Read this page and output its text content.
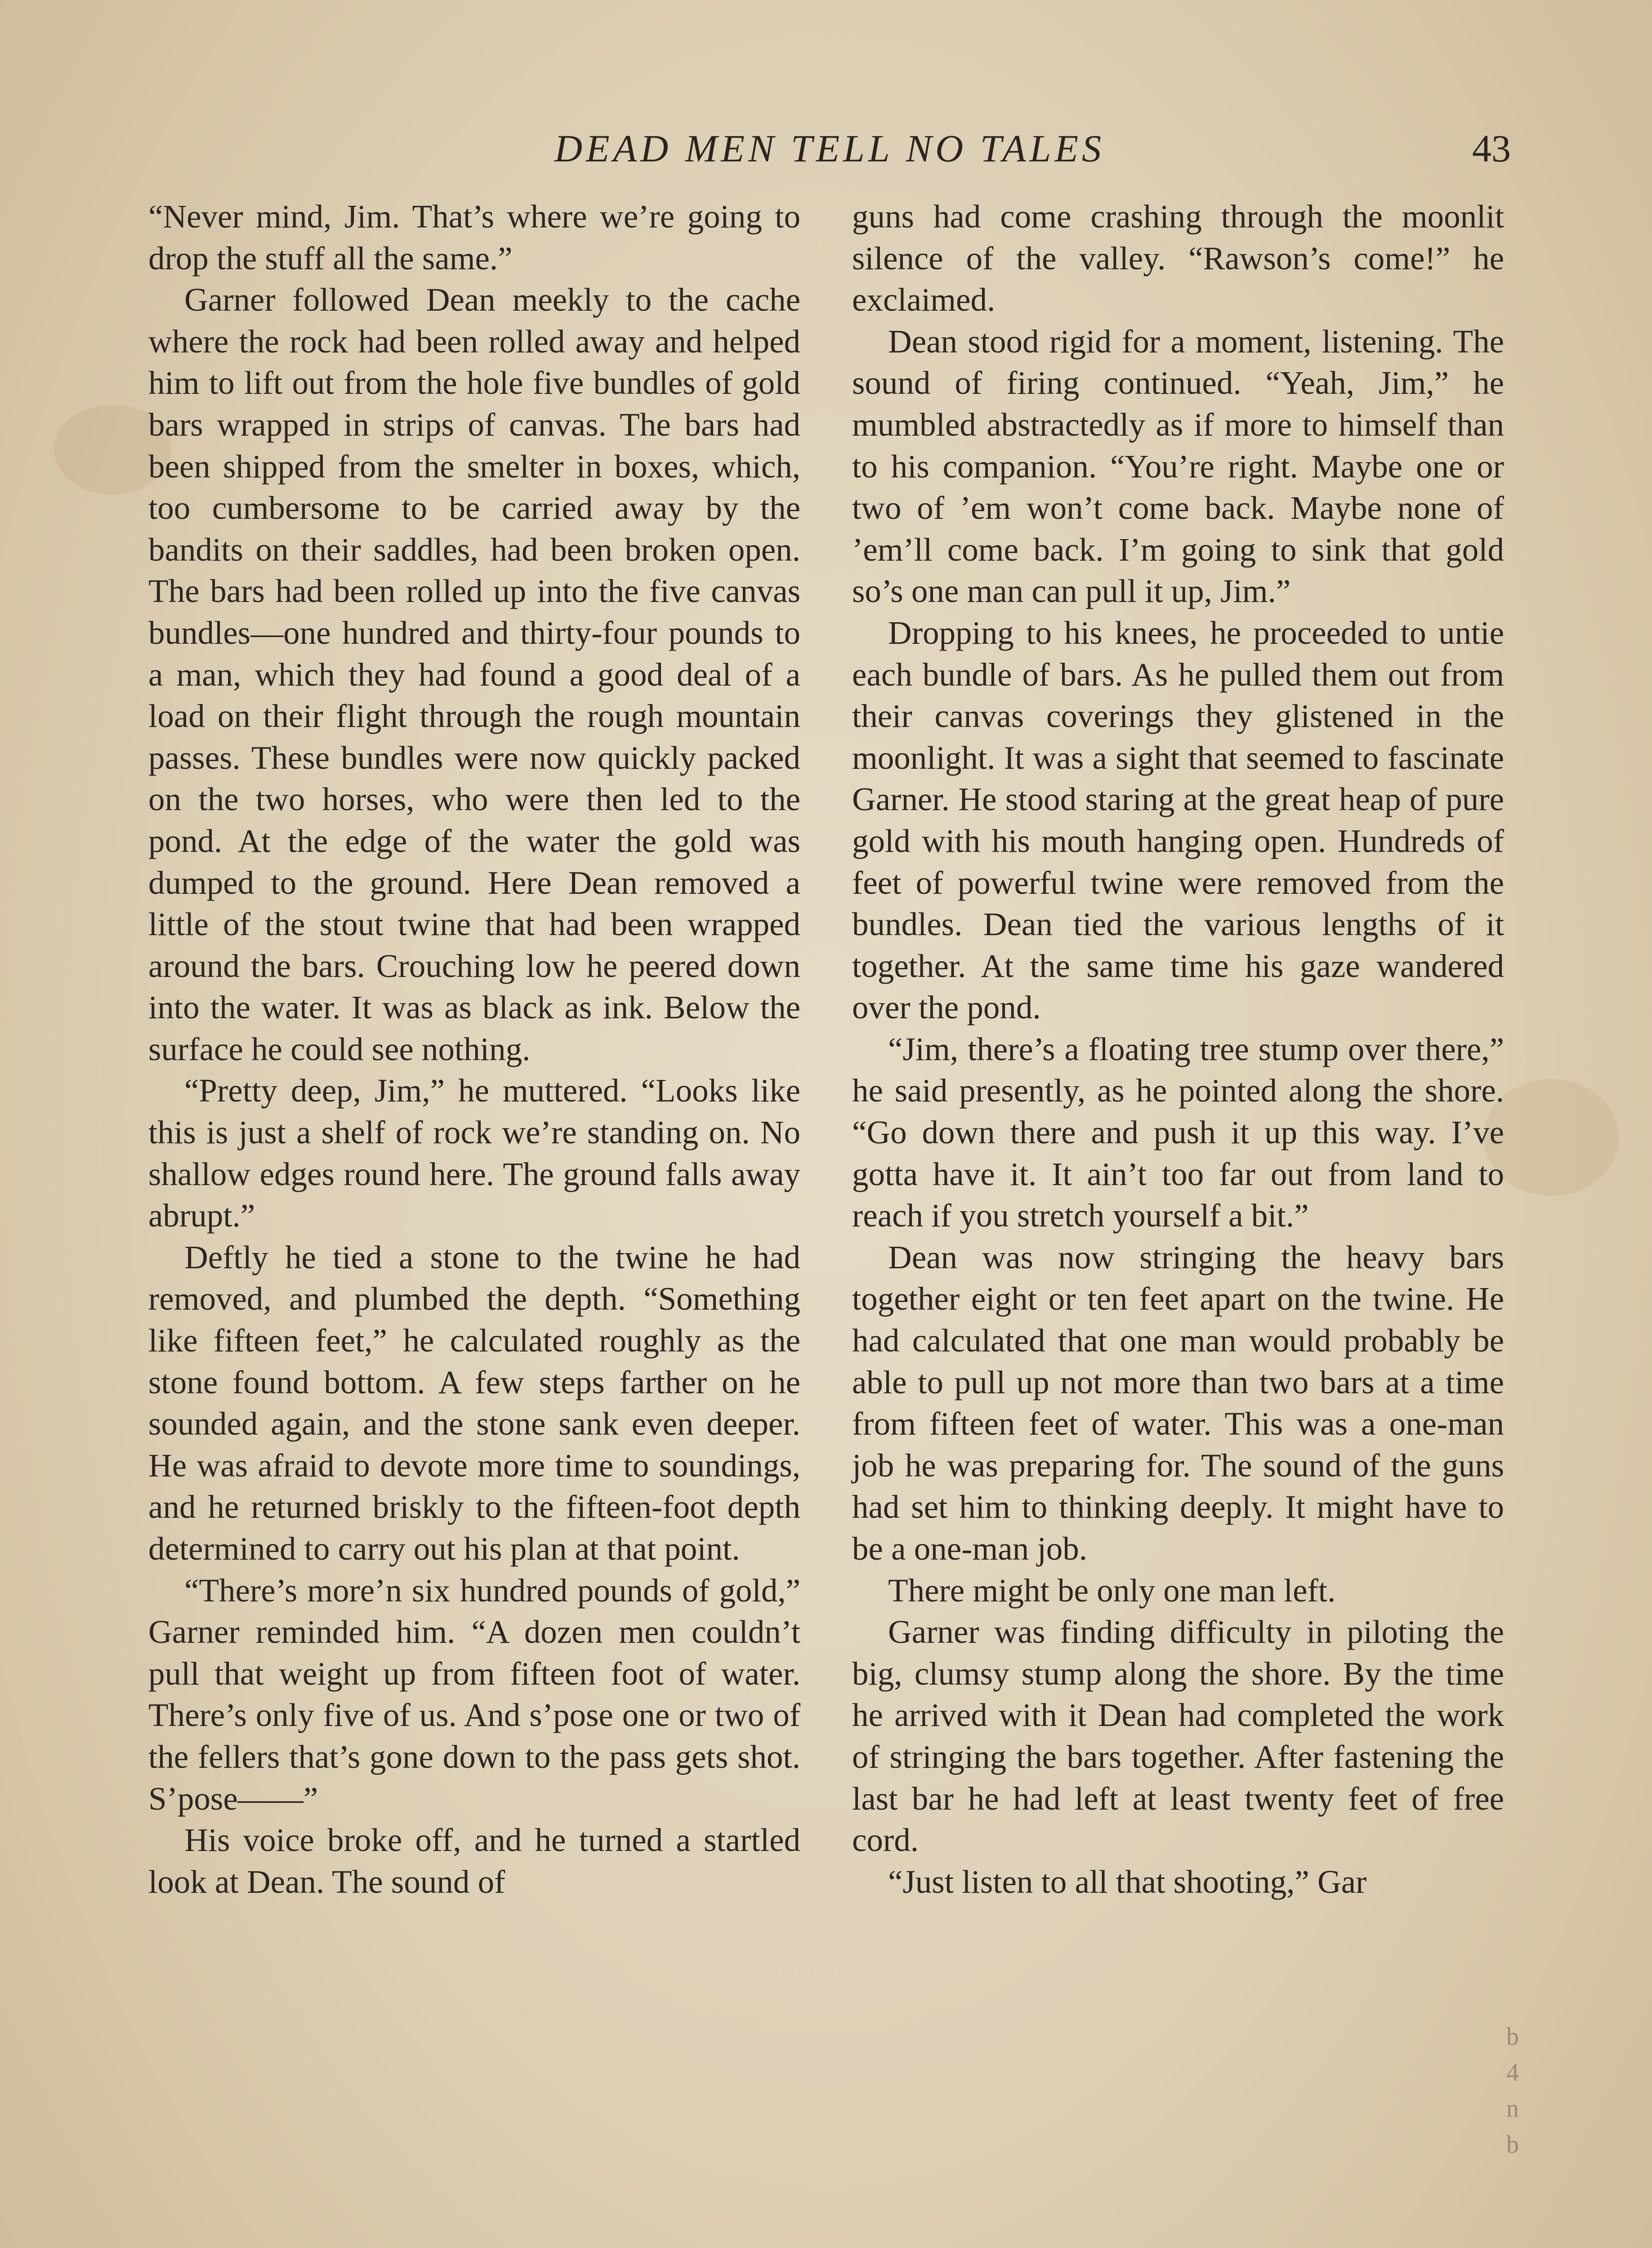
DEAD MEN TELL NO TALES	43

“Never mind, Jim. That’s where we’re going to drop the stuff all the same.”

Garner followed Dean meekly to the cache where the rock had been rolled away and helped him to lift out from the hole five bundles of gold bars wrapped in strips of canvas. The bars had been shipped from the smelter in boxes, which, too cumbersome to be carried away by the bandits on their saddles, had been broken open. The bars had been rolled up into the five canvas bundles—one hundred and thirty-four pounds to a man, which they had found a good deal of a load on their flight through the rough mountain passes. These bundles were now quickly packed on the two horses, who were then led to the pond. At the edge of the water the gold was dumped to the ground. Here Dean removed a little of the stout twine that had been wrapped around the bars. Crouching low he peered down into the water. It was as black as ink. Below the surface he could see nothing.

“Pretty deep, Jim,” he muttered. “Looks like this is just a shelf of rock we’re standing on. No shallow edges round here. The ground falls away abrupt.”

Deftly he tied a stone to the twine he had removed, and plumbed the depth. “Something like fifteen feet,” he calculated roughly as the stone found bottom. A few steps farther on he sounded again, and the stone sank even deeper. He was afraid to devote more time to soundings, and he returned briskly to the fifteen-foot depth determined to carry out his plan at that point.

“There’s more’n six hundred pounds of gold,” Garner reminded him. “A dozen men couldn’t pull that weight up from fifteen foot of water. There’s only five of us. And s’pose one or two of the fellers that’s gone down to the pass gets shot. S’pose——”

His voice broke off, and he turned a startled look at Dean. The sound of

guns had come crashing through the moonlit silence of the valley. “Rawson’s come!” he exclaimed.

Dean stood rigid for a moment, listening. The sound of firing continued. “Yeah, Jim,” he mumbled abstractedly as if more to himself than to his companion. “You’re right. Maybe one or two of ’em won’t come back. Maybe none of ’em’ll come back. I’m going to sink that gold so’s one man can pull it up, Jim.”

Dropping to his knees, he proceeded to untie each bundle of bars. As he pulled them out from their canvas coverings they glistened in the moonlight. It was a sight that seemed to fascinate Garner. He stood staring at the great heap of pure gold with his mouth hanging open. Hundreds of feet of powerful twine were removed from the bundles. Dean tied the various lengths of it together. At the same time his gaze wandered over the pond.

“Jim, there’s a floating tree stump over there,” he said presently, as he pointed along the shore. “Go down there and push it up this way. I’ve gotta have it. It ain’t too far out from land to reach if you stretch yourself a bit.”

Dean was now stringing the heavy bars together eight or ten feet apart on the twine. He had calculated that one man would probably be able to pull up not more than two bars at a time from fifteen feet of water. This was a one-man job he was preparing for. The sound of the guns had set him to thinking deeply. It might have to be a one-man job.

There might be only one man left.

Garner was finding difficulty in piloting the big, clumsy stump along the shore. By the time he arrived with it Dean had completed the work of stringing the bars together. After fastening the last bar he had left at least twenty feet of free cord.

“Just listen to all that shooting,” Gar

b
4
n
b
